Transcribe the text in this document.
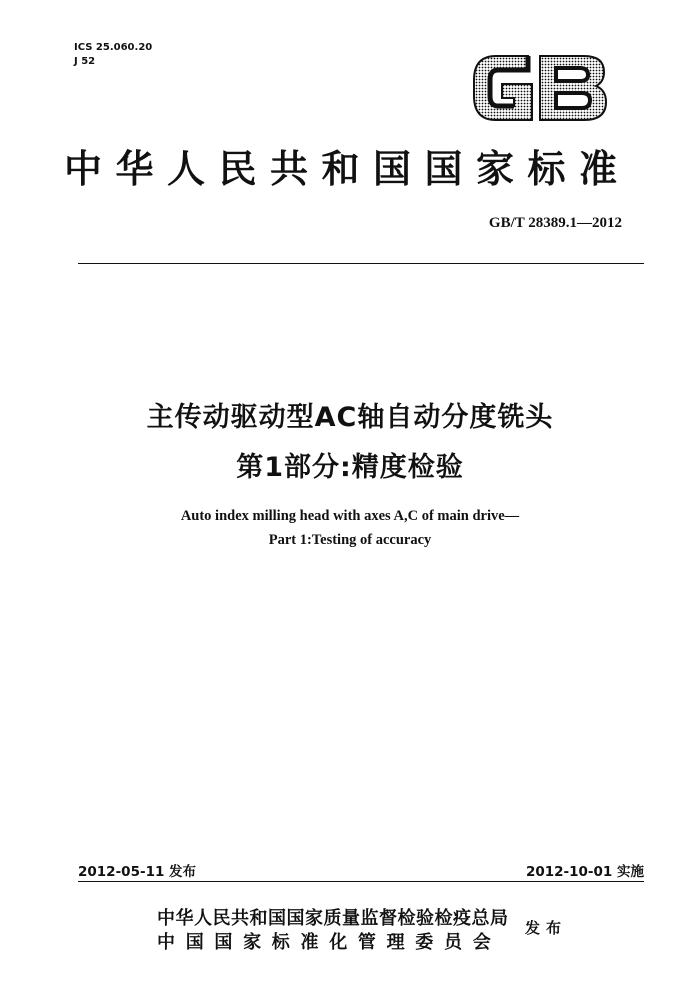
ICS 25.060.20
J 52
中华人民共和国国家标准
GB/T 28389.1—2012
主传动驱动型AC轴自动分度铣头
第1部分:精度检验
Auto index milling head with axes A,C of main drive—
Part 1:Testing of accuracy
2012-05-11 发布	2012-10-01 实施
中华人民共和国国家质量监督检验检疫总局
中国国家标准化管理委员会
发布
